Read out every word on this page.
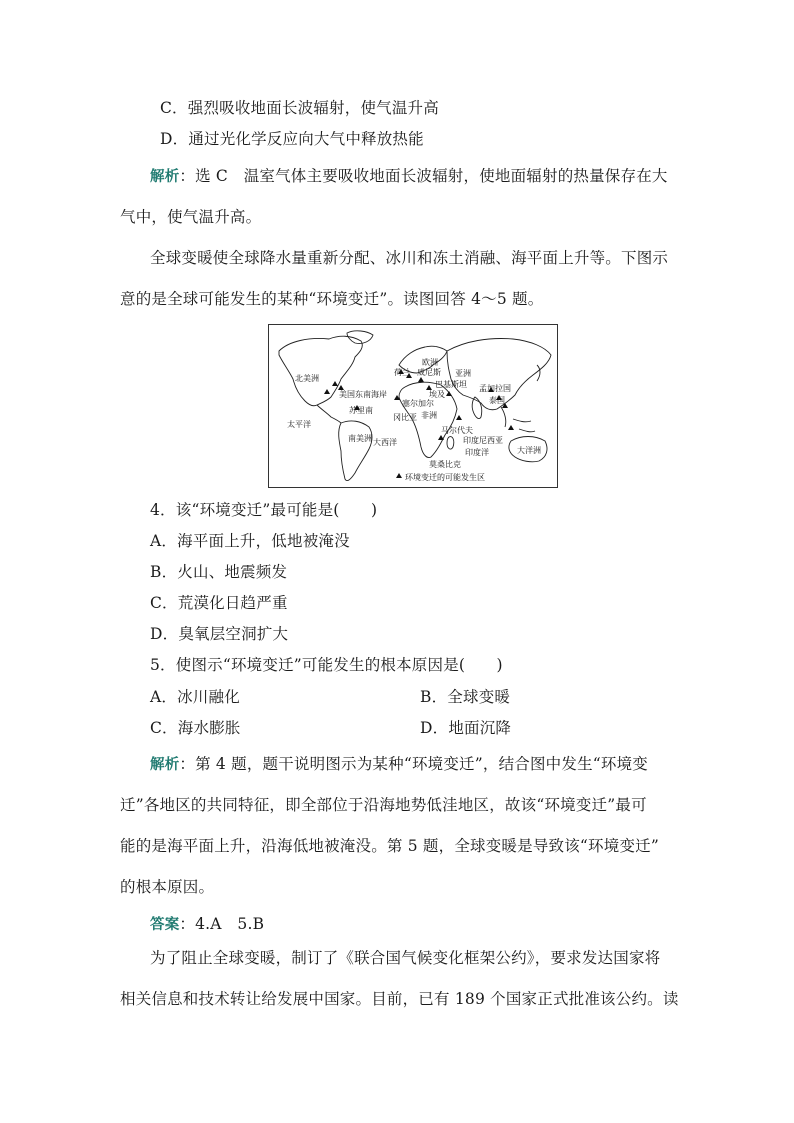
C．强烈吸收地面长波辐射，使气温升高
D．通过光化学反应向大气中释放热能
解析：选 C　温室气体主要吸收地面长波辐射，使地面辐射的热量保存在大
气中，使气温升高。
全球变暖使全球降水量重新分配、冰川和冻土消融、海平面上升等。下图示
意的是全球可能发生的某种“环境变迁”。读图回答 4～5 题。
北美洲
欧洲
荷兰 威尼斯 亚洲
美国东南海岸	埃及
巴基斯坦 孟加拉国
泰国
苏里南
塞尔加尔
冈比亚 非洲
太平洋
南美洲 大西洋
马尔代夫
印度尼西亚
印度洋	大洋洲
莫桑比克
环境变迁的可能发生区
4．该“环境变迁”最可能是(　　)
A．海平面上升，低地被淹没
B．火山、地震频发
C．荒漠化日趋严重
D．臭氧层空洞扩大
5．使图示“环境变迁”可能发生的根本原因是(　　)
A．冰川融化	B．全球变暖
C．海水膨胀	D．地面沉降
解析：第 4 题，题干说明图示为某种“环境变迁”，结合图中发生“环境变
迁”各地区的共同特征，即全部位于沿海地势低洼地区，故该“环境变迁”最可
能的是海平面上升，沿海低地被淹没。第 5 题，全球变暖是导致该“环境变迁”
的根本原因。
答案：4.A　5.B
为了阻止全球变暖，制订了《联合国气候变化框架公约》，要求发达国家将
相关信息和技术转让给发展中国家。目前，已有 189 个国家正式批准该公约。读
